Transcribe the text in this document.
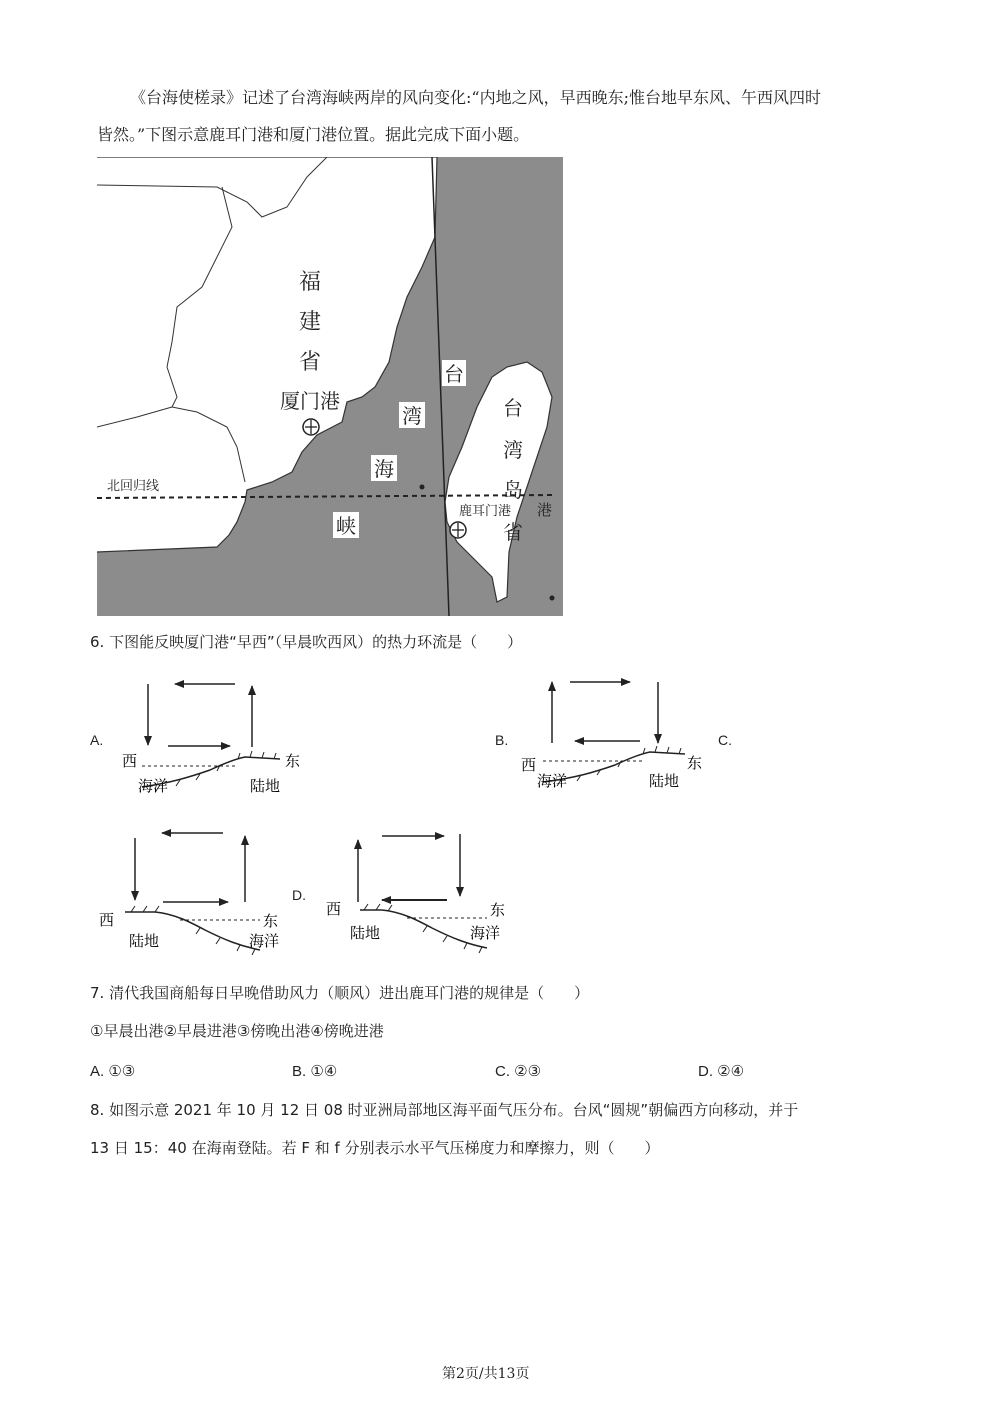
《台海使槎录》记述了台湾海峡两岸的风向变化:“内地之风，早西晚东;惟台地早东风、午西风四时
皆然。”下图示意鹿耳门港和厦门港位置。据此完成下面小题。
北回归线
福
建
省
厦门港
台
湾
海
峡
台
湾
岛
省
鹿耳门港 港
6. 下图能反映厦门港“早西”（早晨吹西风）的热力环流是（　　）
A.	B.	C.
D.
西	东
海洋	陆地
西	东
海洋	陆地
西	东
陆地	海洋
西	东
陆地	海洋
7. 清代我国商船每日早晚借助风力（顺风）进出鹿耳门港的规律是（　　）
①早晨出港②早晨进港③傍晚出港④傍晚进港
A. ①③	B. ①④	C. ②③	D. ②④
8. 如图示意 2021 年 10 月 12 日 08 时亚洲局部地区海平面气压分布。台风“圆规”朝偏西方向移动，并于
13 日 15：40 在海南登陆。若 F 和 f 分别表示水平气压梯度力和摩擦力，则（　　）
第2页/共13页
